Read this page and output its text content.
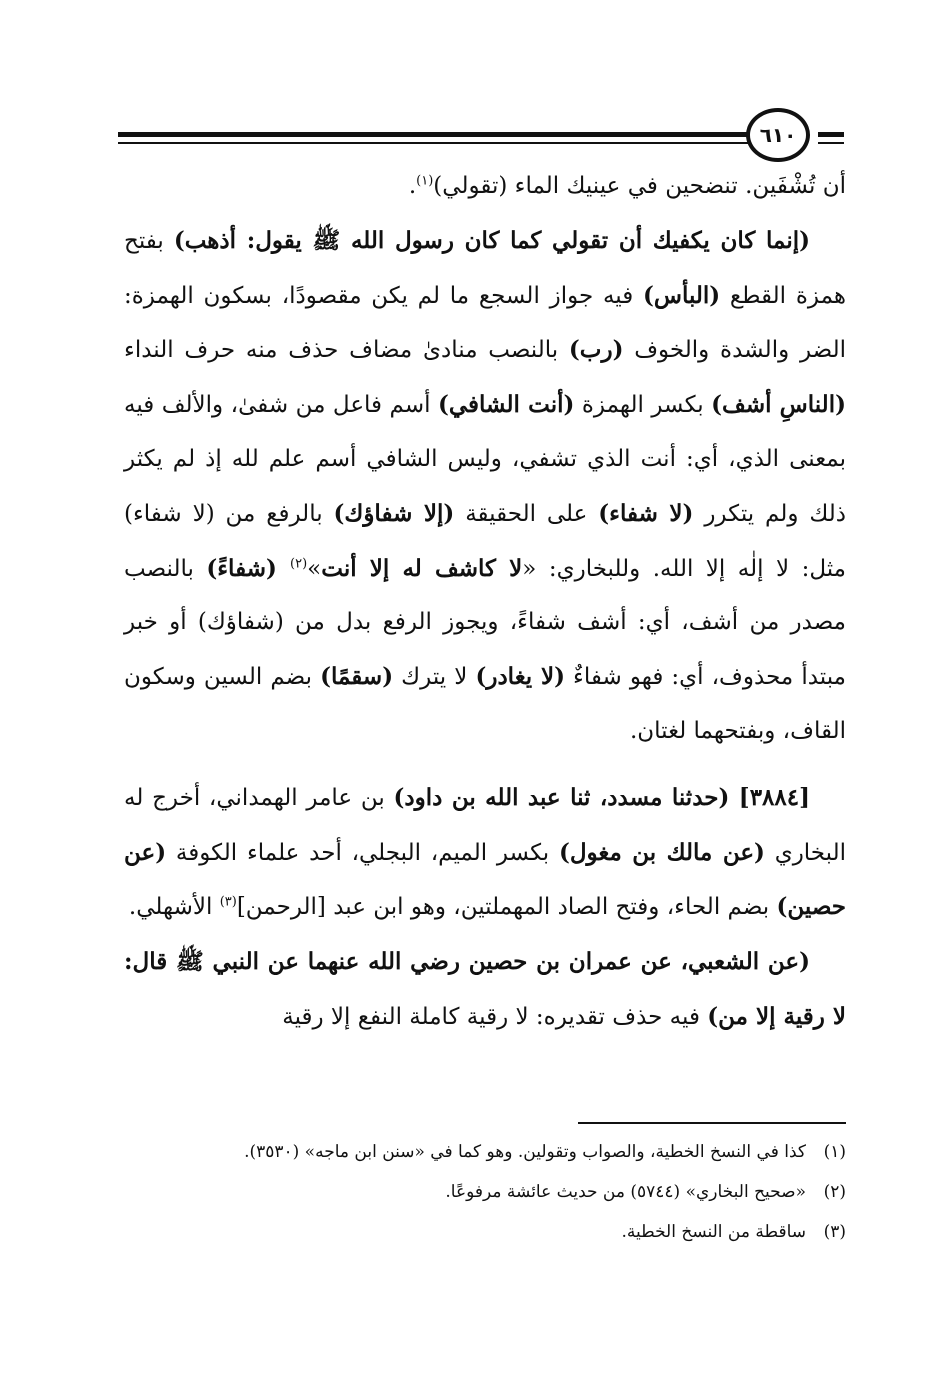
٦١٠

أن تُشْفَين. تنضحين في عينيك الماء (تقولي)$^{(١)}$.

(إنما كان يكفيك أن تقولي كما كان رسول الله ﷺ يقول: أذهب) بفتح همزة القطع (البأس) فيه جواز السجع ما لم يكن مقصودًا، بسكون الهمزة: الضر والشدة والخوف (رب) بالنصب منادىٰ مضاف حذف منه حرف النداء (الناسِ أشف) بكسر الهمزة (أنت الشافي) أسم فاعل من شفىٰ، والألف فيه بمعنى الذي، أي: أنت الذي تشفي، وليس الشافي أسم علم لله إذ لم يكثر ذلك ولم يتكرر (لا شفاء) على الحقيقة (إلا شفاؤك) بالرفع من (لا شفاء) مثل: لا إلٰه إلا الله. وللبخاري: «لا كاشف له إلا أنت»$^{(٢)}$ (شفاءً) بالنصب مصدر من أشف، أي: أشف شفاءً، ويجوز الرفع بدل من (شفاؤك) أو خبر مبتدأ محذوف، أي: فهو شفاءٌ (لا يغادر) لا يترك (سقمًا) بضم السين وسكون القاف، وبفتحهما لغتان.

[٣٨٨٤] (حدثنا مسدد، ثنا عبد الله بن داود) بن عامر الهمداني، أخرج له البخاري (عن مالك بن مغول) بكسر الميم، البجلي، أحد علماء الكوفة (عن حصين) بضم الحاء، وفتح الصاد المهملتين، وهو ابن عبد [الرحمن]$^{(٣)}$ الأشهلي.

(عن الشعبي، عن عمران بن حصين رضي الله عنهما عن النبي ﷺ قال: لا رقية إلا من) فيه حذف تقديره: لا رقية كاملة النفع إلا رقية

(١)كذا في النسخ الخطية، والصواب وتقولين. وهو كما في «سنن ابن ماجه» (٣٥٣٠).

(٢)«صحيح البخاري» (٥٧٤٤) من حديث عائشة مرفوعًا.

(٣)ساقطة من النسخ الخطية.
